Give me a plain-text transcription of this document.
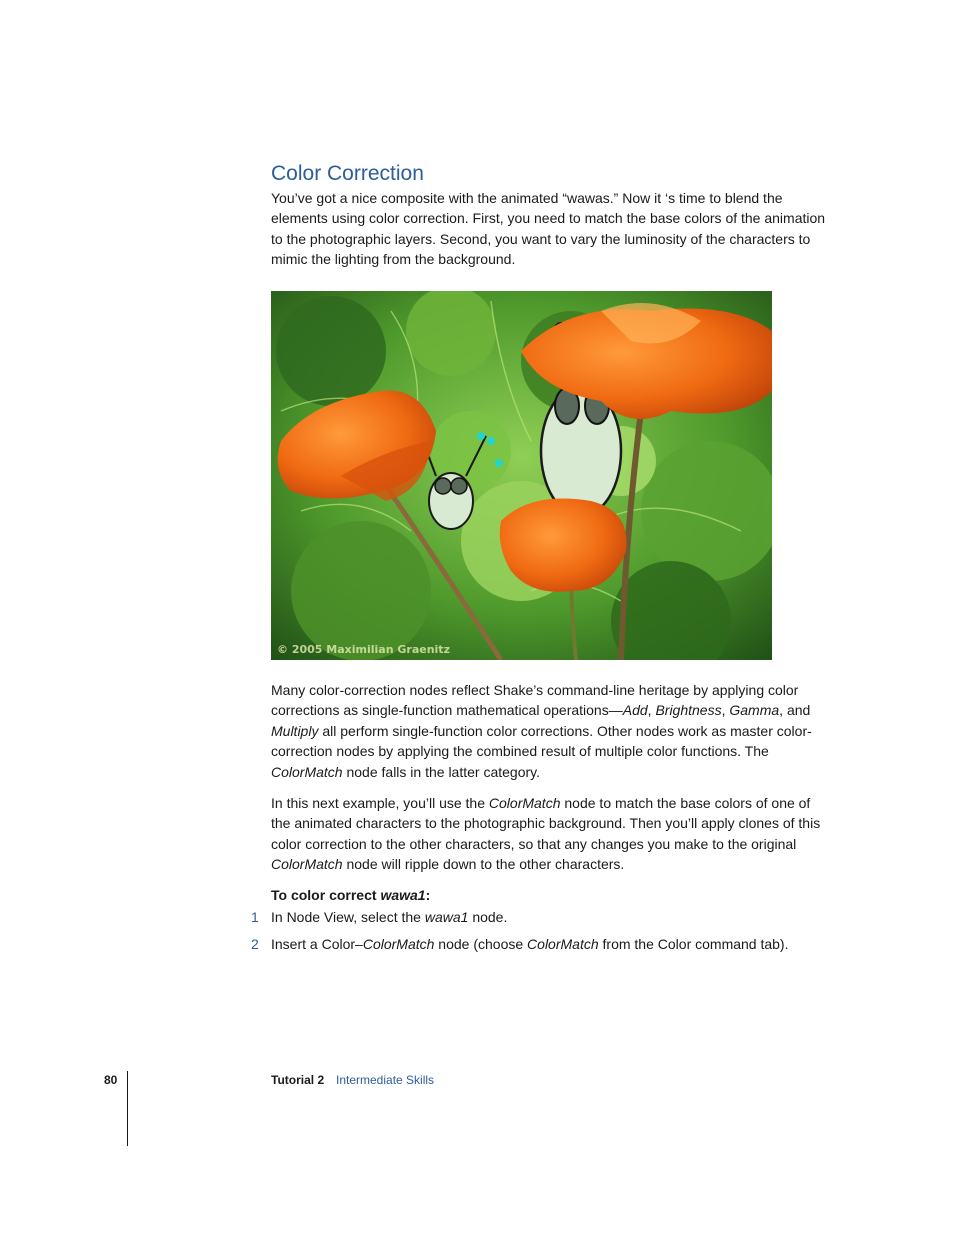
Color Correction

You’ve got a nice composite with the animated “wawas.” Now it ‘s time to blend the elements using color correction. First, you need to match the base colors of the animation to the photographic layers. Second, you want to vary the luminosity of the characters to mimic the lighting from the background.

© 2005 Maximilian Graenitz

Many color-correction nodes reflect Shake’s command-line heritage by applying color corrections as single-function mathematical operations—Add, Brightness, Gamma, and Multiply all perform single-function color corrections. Other nodes work as master color-correction nodes by applying the combined result of multiple color functions. The ColorMatch node falls in the latter category.

In this next example, you’ll use the ColorMatch node to match the base colors of one of the animated characters to the photographic background. Then you’ll apply clones of this color correction to the other characters, so that any changes you make to the original ColorMatch node will ripple down to the other characters.

To color correct wawa1:

1 In Node View, select the wawa1 node.
2 Insert a Color–ColorMatch node (choose ColorMatch from the Color command tab).
80	Tutorial 2 Intermediate Skills
